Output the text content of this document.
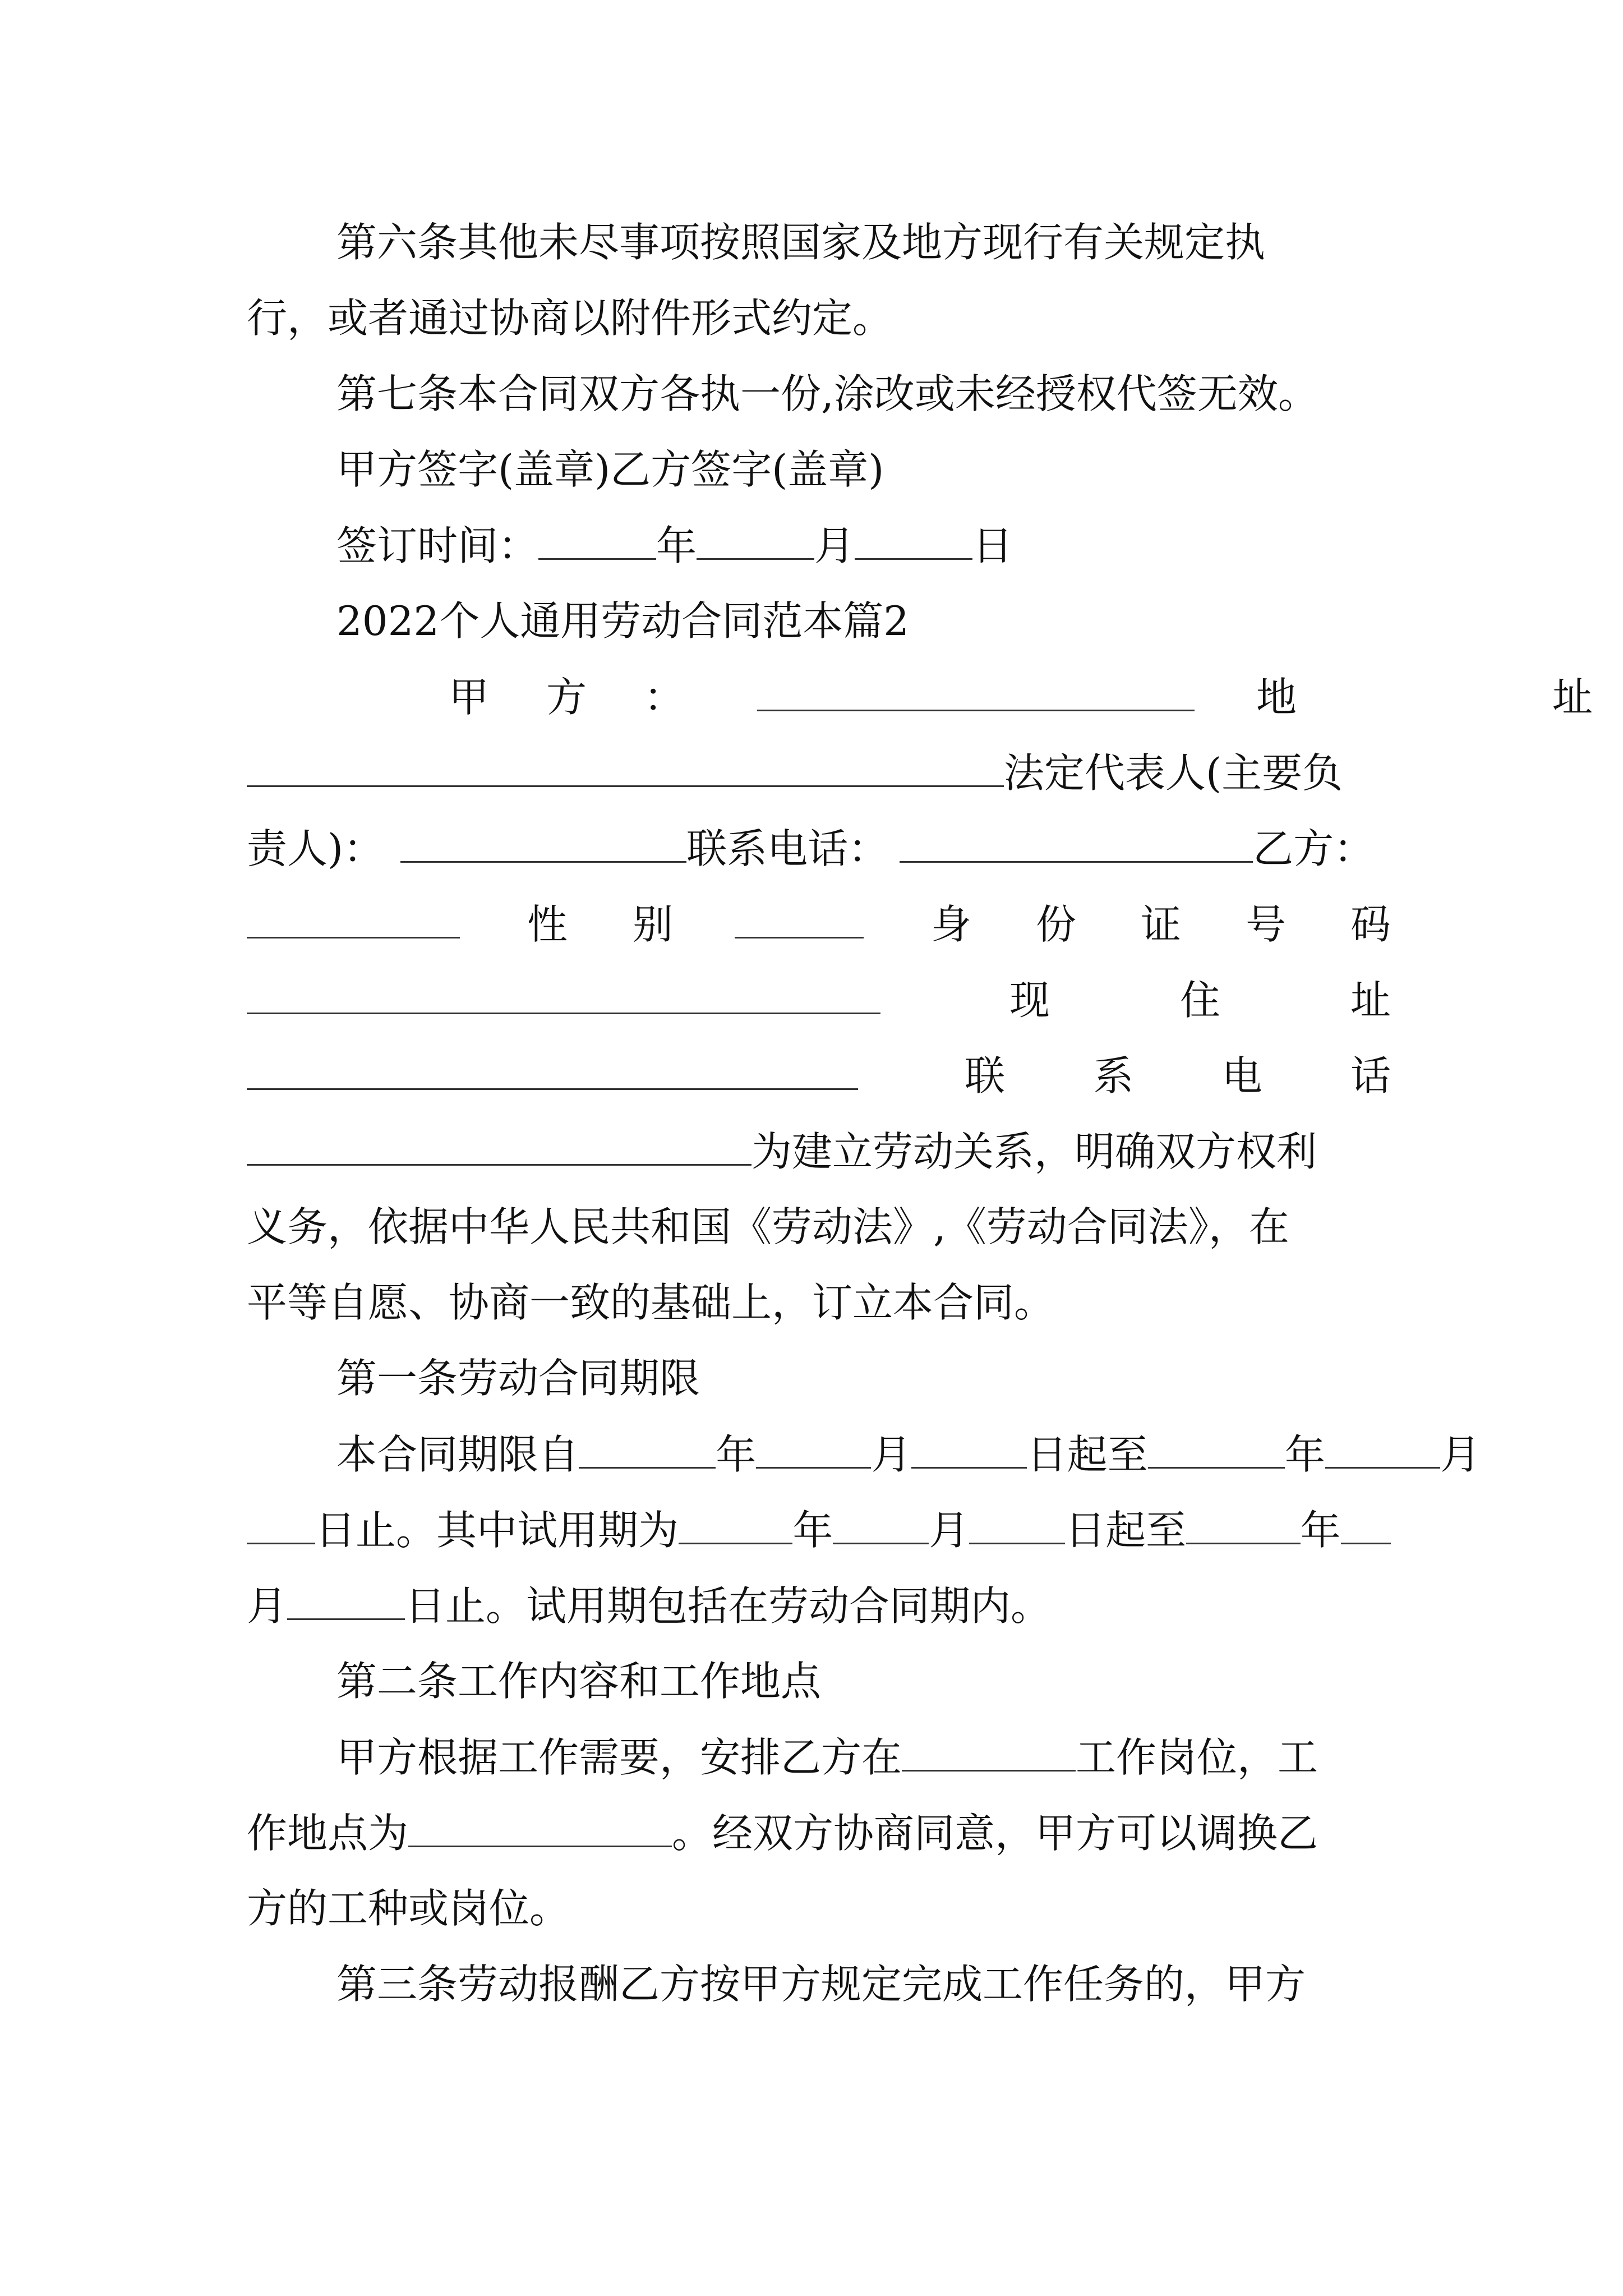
第六条其他未尽事项按照国家及地方现行有关规定执
行，或者通过协商以附件形式约定。
第七条本合同双方各执一份,涂改或未经授权代签无效。
甲方签字(盖章)乙方签字(盖章)
签订时间：	年	月	日
2022个人通用劳动合同范本篇2
甲 方 ：	地	址
法定代表人(主要负
责人)：	联系电话：	乙方：
性 别	身 份 证 号 码
现	住	址
联 系 电 话
为建立劳动关系，明确双方权利
义务，依据中华人民共和国《劳动法》,《劳动合同法》，在
平等自愿、协商一致的基础上，订立本合同。
第一条劳动合同期限
本合同期限自	年	月	日起至	年	月
日止。其中试用期为	年 月 日起至	年
月	日止。试用期包括在劳动合同期内。
第二条工作内容和工作地点
甲方根据工作需要，安排乙方在	工作岗位，工
作地点为	。经双方协商同意，甲方可以调换乙
方的工种或岗位。
第三条劳动报酬乙方按甲方规定完成工作任务的，甲方
